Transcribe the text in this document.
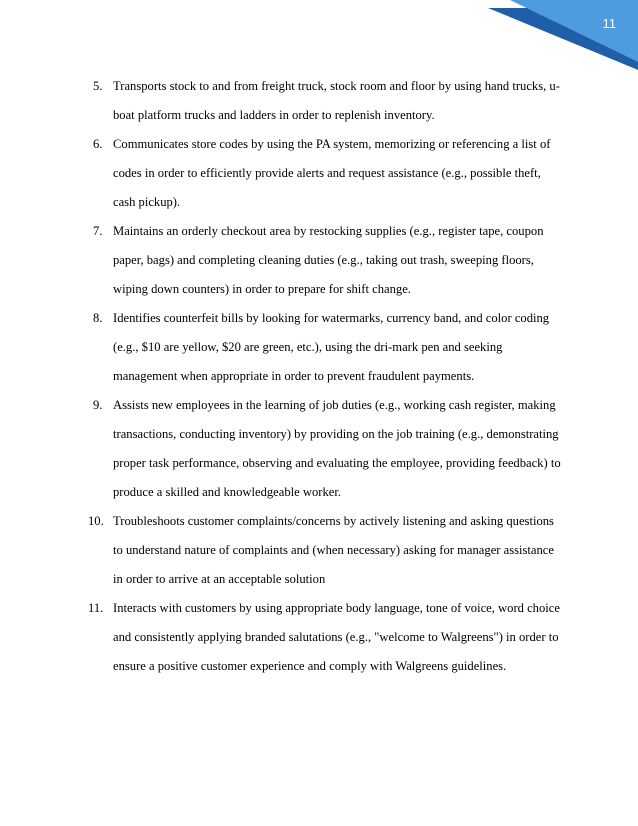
11
5. Transports stock to and from freight truck, stock room and floor by using hand trucks, u-
boat platform trucks and ladders in order to replenish inventory.
6. Communicates store codes by using the PA system, memorizing or referencing a list of
codes in order to efficiently provide alerts and request assistance (e.g., possible theft,
cash pickup).
7. Maintains an orderly checkout area by restocking supplies (e.g., register tape, coupon
paper, bags) and completing cleaning duties (e.g., taking out trash, sweeping floors,
wiping down counters) in order to prepare for shift change.
8. Identifies counterfeit bills by looking for watermarks, currency band, and color coding
(e.g., $10 are yellow, $20 are green, etc.), using the dri-mark pen and seeking
management when appropriate in order to prevent fraudulent payments.
9. Assists new employees in the learning of job duties (e.g., working cash register, making
transactions, conducting inventory) by providing on the job training (e.g., demonstrating
proper task performance, observing and evaluating the employee, providing feedback) to
produce a skilled and knowledgeable worker.
10. Troubleshoots customer complaints/concerns by actively listening and asking questions
to understand nature of complaints and (when necessary) asking for manager assistance
in order to arrive at an acceptable solution
11. Interacts with customers by using appropriate body language, tone of voice, word choice
and consistently applying branded salutations (e.g., "welcome to Walgreens") in order to
ensure a positive customer experience and comply with Walgreens guidelines.
